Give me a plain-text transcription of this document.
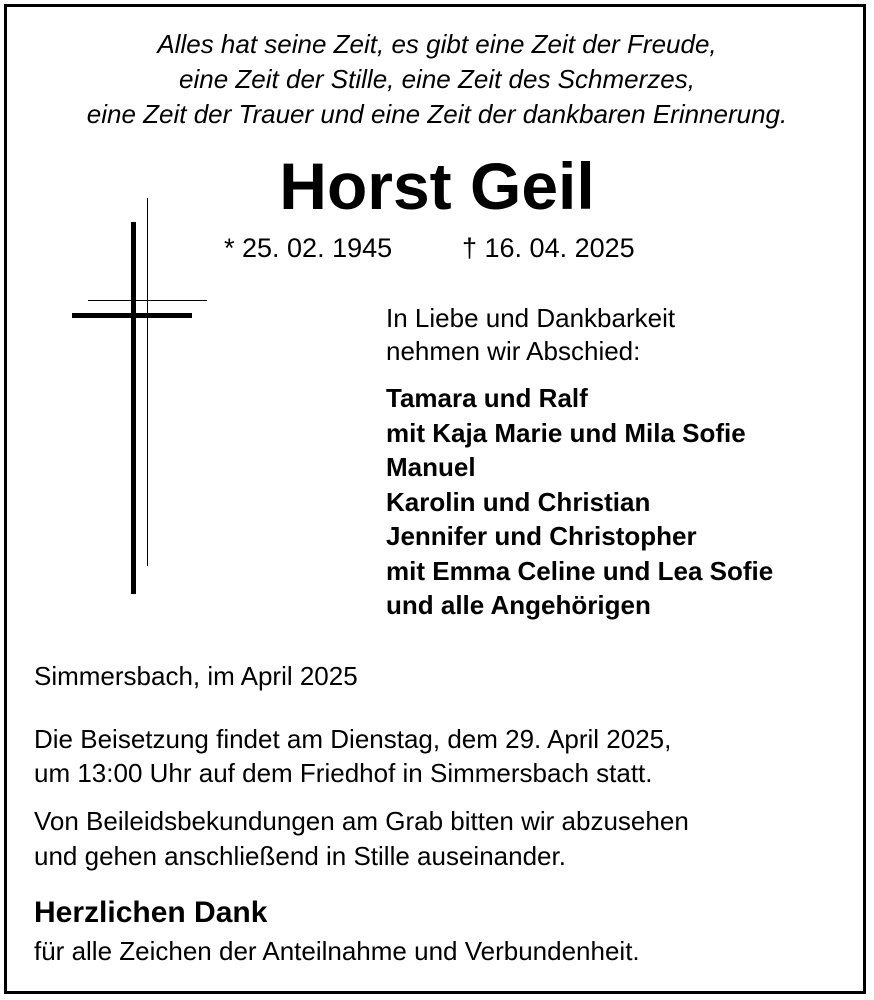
Alles hat seine Zeit, es gibt eine Zeit der Freude,
eine Zeit der Stille, eine Zeit des Schmerzes,
eine Zeit der Trauer und eine Zeit der dankbaren Erinnerung.
Horst Geil
* 25. 02. 1945	† 16. 04. 2025
In Liebe und Dankbarkeit
nehmen wir Abschied:
Tamara und Ralf
mit Kaja Marie und Mila Sofie
Manuel
Karolin und Christian
Jennifer und Christopher
mit Emma Celine und Lea Sofie
und alle Angehörigen
Simmersbach, im April 2025
Die Beisetzung findet am Dienstag, dem 29. April 2025,
um 13:00 Uhr auf dem Friedhof in Simmersbach statt.
Von Beileidsbekundungen am Grab bitten wir abzusehen
und gehen anschließend in Stille auseinander.
Herzlichen Dank
für alle Zeichen der Anteilnahme und Verbundenheit.
